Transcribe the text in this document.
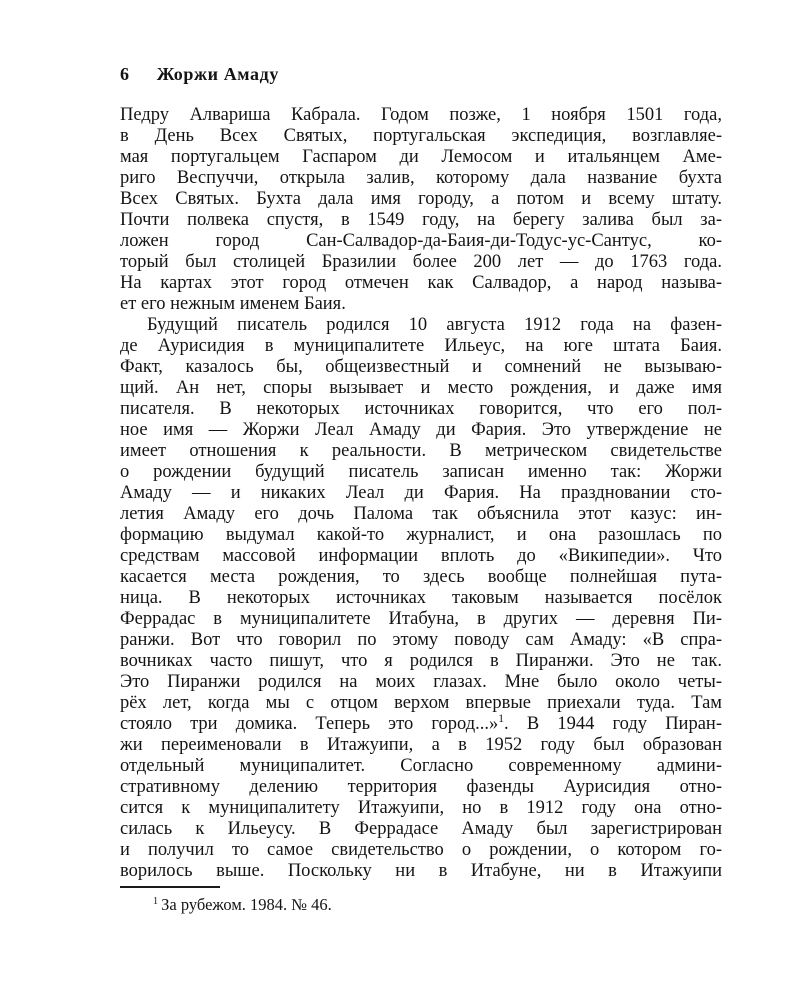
6 Жоржи Амаду
Педру Алвариша Кабрала. Годом позже, 1 ноября 1501 года,
в День Всех Святых, португальская экспедиция, возглавляе-
мая португальцем Гаспаром ди Лемосом и итальянцем Аме-
риго Веспуччи, открыла залив, которому дала название бухта
Всех Святых. Бухта дала имя городу, а потом и всему штату.
Почти полвека спустя, в 1549 году, на берегу залива был за-
ложен город Сан-Салвадор-да-Баия-ди-Тодус-ус-Сантус, ко-
торый был столицей Бразилии более 200 лет — до 1763 года.
На картах этот город отмечен как Салвадор, а народ называ-
ет его нежным именем Баия.
Будущий писатель родился 10 августа 1912 года на фазен-
де Аурисидия в муниципалитете Ильеус, на юге штата Баия.
Факт, казалось бы, общеизвестный и сомнений не вызываю-
щий. Ан нет, споры вызывает и место рождения, и даже имя
писателя. В некоторых источниках говорится, что его пол-
ное имя — Жоржи Леал Амаду ди Фария. Это утверждение не
имеет отношения к реальности. В метрическом свидетельстве
о рождении будущий писатель записан именно так: Жоржи
Амаду — и никаких Леал ди Фария. На праздновании сто-
летия Амаду его дочь Палома так объяснила этот казус: ин-
формацию выдумал какой-то журналист, и она разошлась по
средствам массовой информации вплоть до «Википедии». Что
касается места рождения, то здесь вообще полнейшая пута-
ница. В некоторых источниках таковым называется посёлок
Феррадас в муниципалитете Итабуна, в других — деревня Пи-
ранжи. Вот что говорил по этому поводу сам Амаду: «В спра-
вочниках часто пишут, что я родился в Пиранжи. Это не так.
Это Пиранжи родился на моих глазах. Мне было около четы-
рёх лет, когда мы с отцом верхом впервые приехали туда. Там
стояло три домика. Теперь это город...»$^1$. В 1944 году Пиран-
жи переименовали в Итажуипи, а в 1952 году был образован
отдельный муниципалитет. Согласно современному админи-
стративному делению территория фазенды Аурисидия отно-
сится к муниципалитету Итажуипи, но в 1912 году она отно-
силась к Ильеусу. В Феррадасе Амаду был зарегистрирован
и получил то самое свидетельство о рождении, о котором го-
ворилось выше. Поскольку ни в Итабуне, ни в Итажуипи
$^1$ За рубежом. 1984. № 46.
